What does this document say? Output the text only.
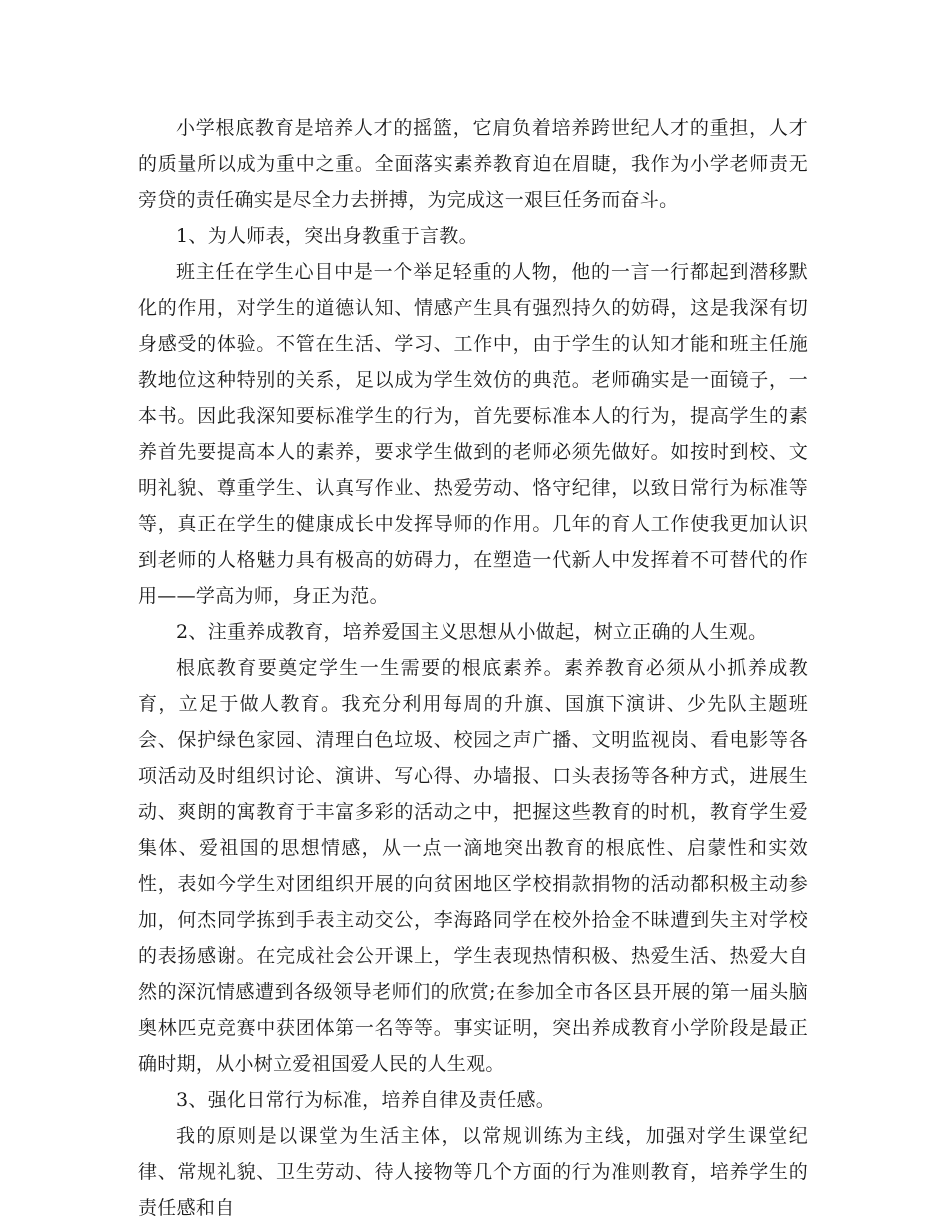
小学根底教育是培养人才的摇篮，它肩负着培养跨世纪人才的重担，人才的质量所以成为重中之重。全面落实素养教育迫在眉睫，我作为小学老师责无旁贷的责任确实是尽全力去拼搏，为完成这一艰巨任务而奋斗。

1、为人师表，突出身教重于言教。

班主任在学生心目中是一个举足轻重的人物，他的一言一行都起到潜移默化的作用，对学生的道德认知、情感产生具有强烈持久的妨碍，这是我深有切身感受的体验。不管在生活、学习、工作中，由于学生的认知才能和班主任施教地位这种特别的关系，足以成为学生效仿的典范。老师确实是一面镜子，一本书。因此我深知要标准学生的行为，首先要标准本人的行为，提高学生的素养首先要提高本人的素养，要求学生做到的老师必须先做好。如按时到校、文明礼貌、尊重学生、认真写作业、热爱劳动、恪守纪律，以致日常行为标准等等，真正在学生的健康成长中发挥导师的作用。几年的育人工作使我更加认识到老师的人格魅力具有极高的妨碍力，在塑造一代新人中发挥着不可替代的作用——学高为师，身正为范。

2、注重养成教育，培养爱国主义思想从小做起，树立正确的人生观。

根底教育要奠定学生一生需要的根底素养。素养教育必须从小抓养成教育，立足于做人教育。我充分利用每周的升旗、国旗下演讲、少先队主题班会、保护绿色家园、清理白色垃圾、校园之声广播、文明监视岗、看电影等各项活动及时组织讨论、演讲、写心得、办墙报、口头表扬等各种方式，进展生动、爽朗的寓教育于丰富多彩的活动之中，把握这些教育的时机，教育学生爱集体、爱祖国的思想情感，从一点一滴地突出教育的根底性、启蒙性和实效性，表如今学生对团组织开展的向贫困地区学校捐款捐物的活动都积极主动参加，何杰同学拣到手表主动交公，李海路同学在校外拾金不昧遭到失主对学校的表扬感谢。在完成社会公开课上，学生表现热情积极、热爱生活、热爱大自然的深沉情感遭到各级领导老师们的欣赏;在参加全市各区县开展的第一届头脑奥林匹克竞赛中获团体第一名等等。事实证明，突出养成教育小学阶段是最正确时期，从小树立爱祖国爱人民的人生观。

3、强化日常行为标准，培养自律及责任感。

我的原则是以课堂为生活主体，以常规训练为主线，加强对学生课堂纪律、常规礼貌、卫生劳动、待人接物等几个方面的行为准则教育，培养学生的责任感和自
